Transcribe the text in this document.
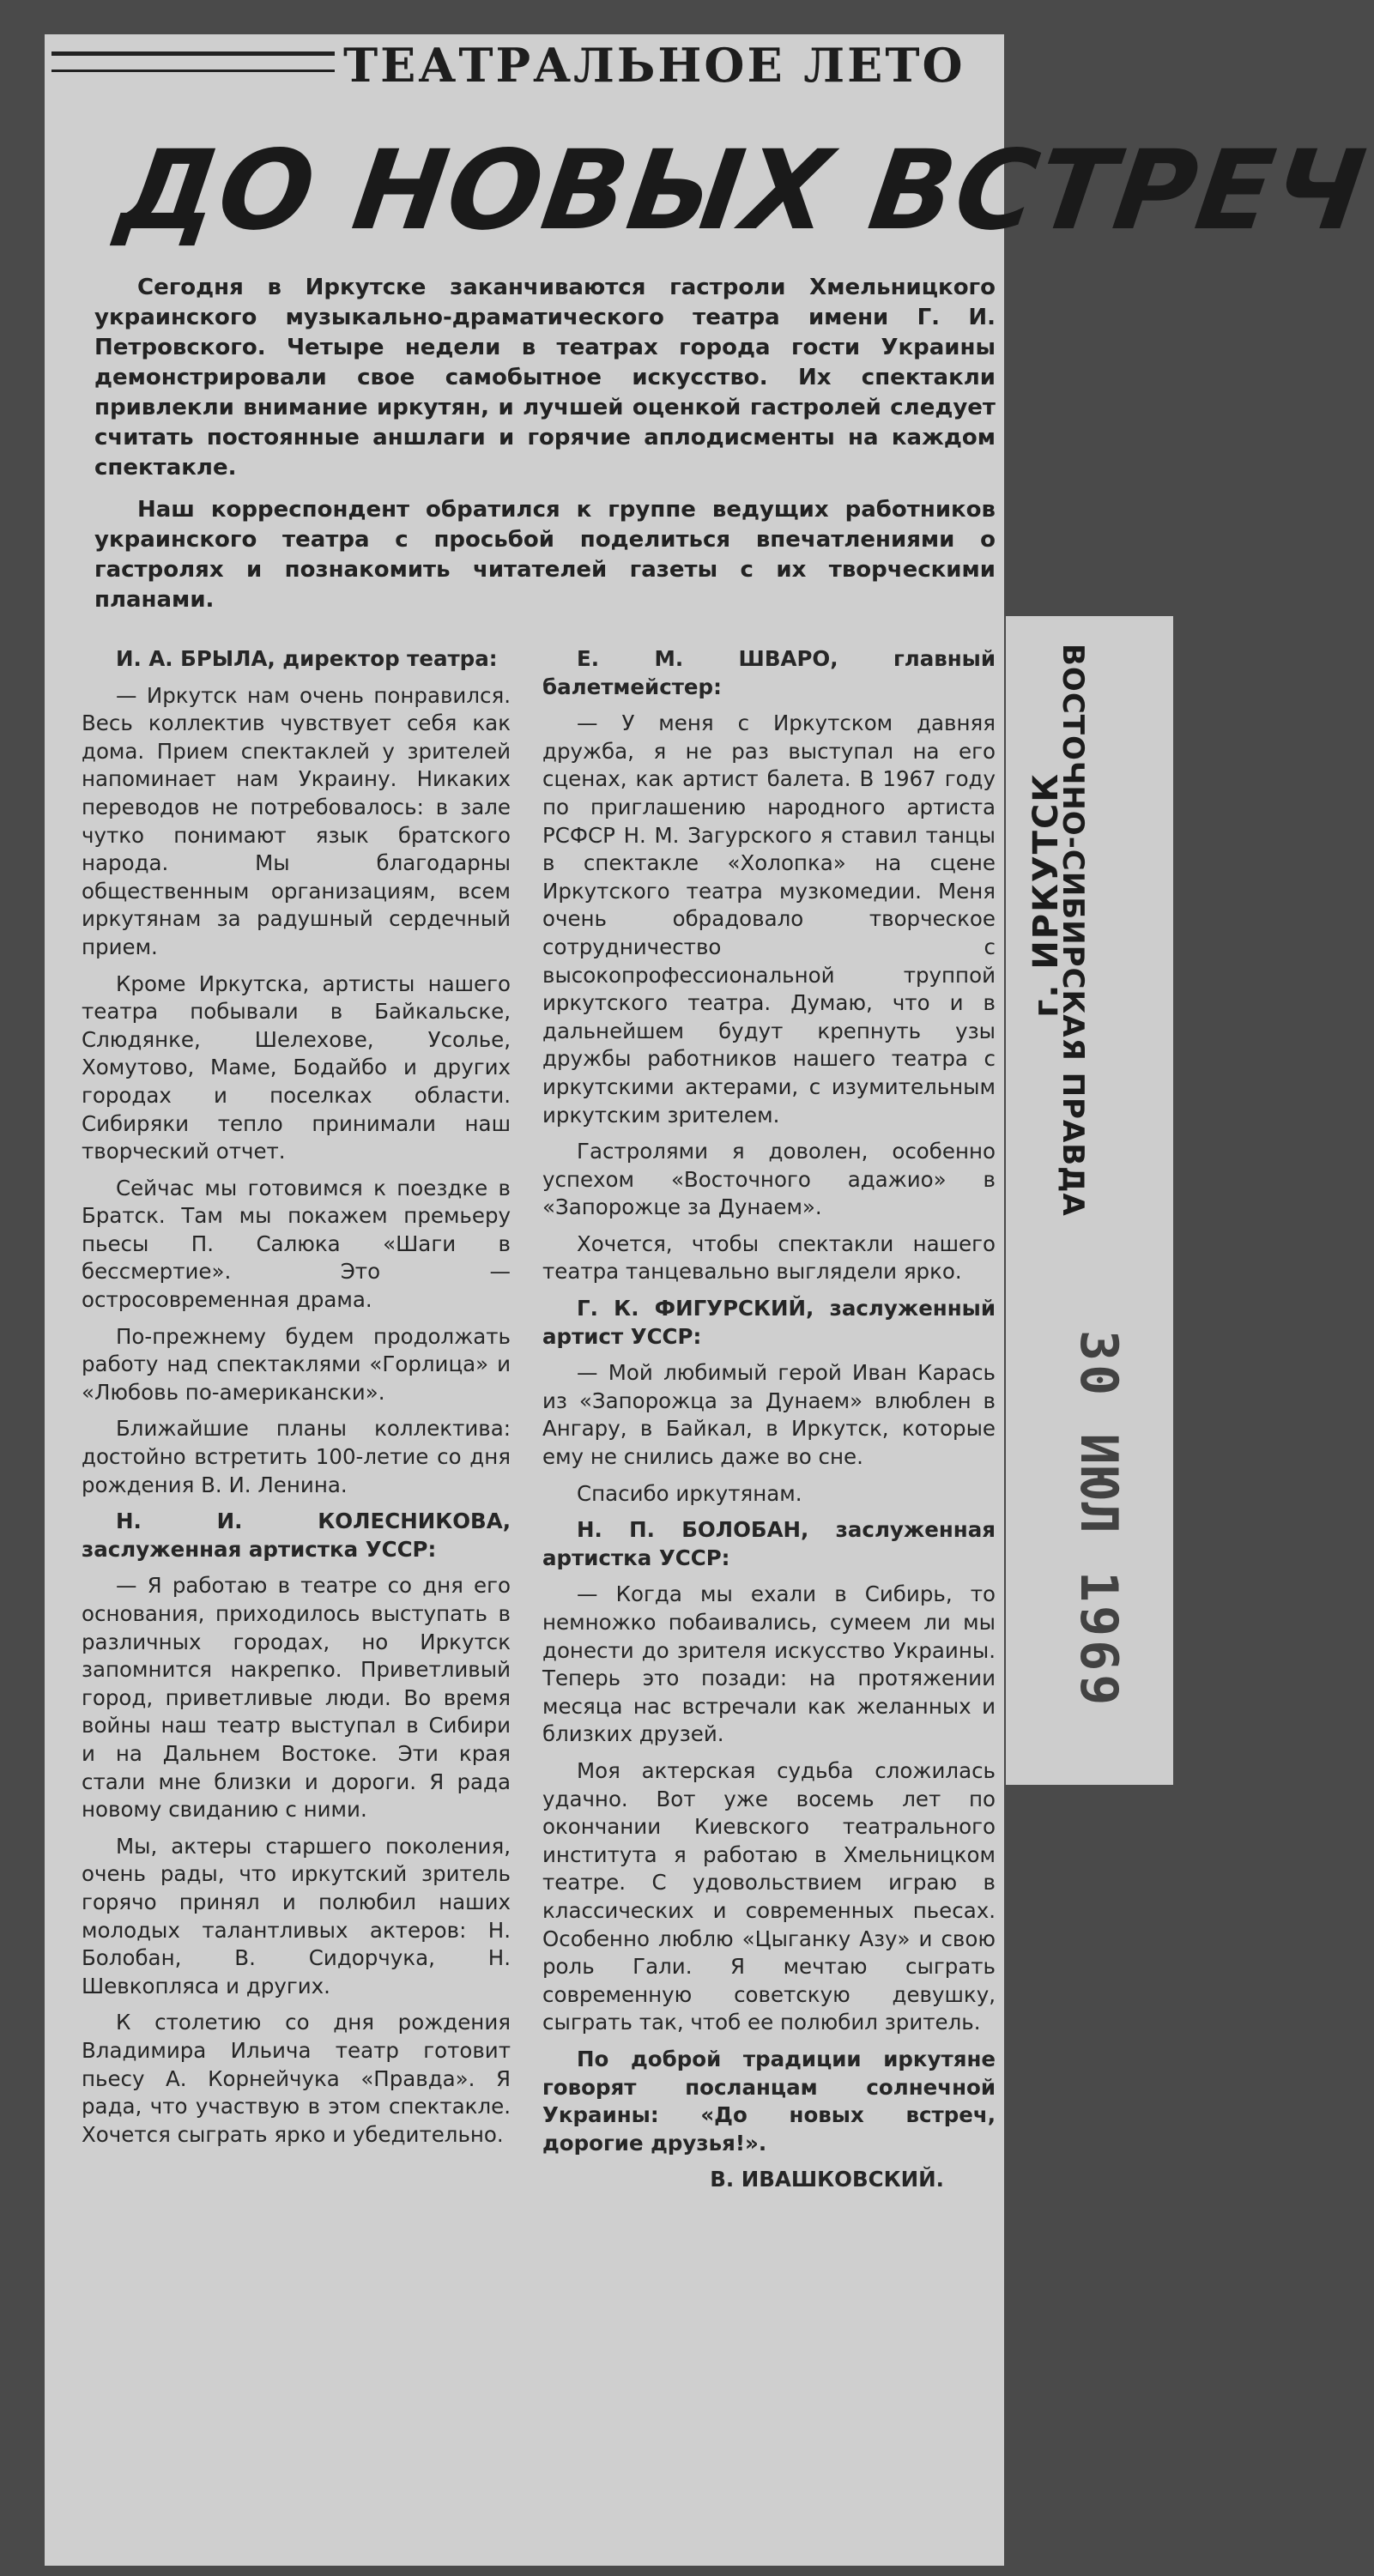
ТЕАТРАЛЬНОЕ ЛЕТО
ДО НОВЫХ ВСТРЕЧ

Сегодня в Иркутске заканчиваются гастроли Хмельницкого украинского музыкально-драматического театра имени Г. И. Петровского. Четыре недели в театрах города гости Украины демонстрировали свое самобытное искусство. Их спектакли привлекли внимание иркутян, и лучшей оценкой гастролей следует считать постоянные аншлаги и горячие аплодисменты на каждом спектакле.

Наш корреспондент обратился к группе ведущих работников украинского театра с просьбой поделиться впечатлениями о гастролях и познакомить читателей газеты с их творческими планами.

И. А. БРЫЛА, директор театра:

— Иркутск нам очень понравился. Весь коллектив чувствует себя как дома. Прием спектаклей у зрителей напоминает нам Украину. Никаких переводов не потребовалось: в зале чутко понимают язык братского народа. Мы благодарны общественным организациям, всем иркутянам за радушный сердечный прием.

Кроме Иркутска, артисты нашего театра побывали в Байкальске, Слюдянке, Шелехове, Усолье, Хомутово, Маме, Бодайбо и других городах и поселках области. Сибиряки тепло принимали наш творческий отчет.

Сейчас мы готовимся к поездке в Братск. Там мы покажем премьеру пьесы П. Салюка «Шаги в бессмертие». Это — остросовременная драма.

По-прежнему будем продолжать работу над спектаклями «Горлица» и «Любовь по-американски».

Ближайшие планы коллектива: достойно встретить 100-летие со дня рождения В. И. Ленина.

Н. И. КОЛЕСНИКОВА, заслуженная артистка УССР:

— Я работаю в театре со дня его основания, приходилось выступать в различных городах, но Иркутск запомнится накрепко. Приветливый город, приветливые люди. Во время войны наш театр выступал в Сибири и на Дальнем Востоке. Эти края стали мне близки и дороги. Я рада новому свиданию с ними.

Мы, актеры старшего поколения, очень рады, что иркутский зритель горячо принял и полюбил наших молодых талантливых актеров: Н. Болобан, В. Сидорчука, Н. Шевкопляса и других.

К столетию со дня рождения Владимира Ильича театр готовит пьесу А. Корнейчука «Правда». Я рада, что участвую в этом спектакле. Хочется сыграть ярко и убедительно.

Е. М. ШВАРО, главный балетмейстер:

— У меня с Иркутском давняя дружба, я не раз выступал на его сценах, как артист балета. В 1967 году по приглашению народного артиста РСФСР Н. М. Загурского я ставил танцы в спектакле «Холопка» на сцене Иркутского театра музкомедии. Меня очень обрадовало творческое сотрудничество с высокопрофессиональной труппой иркутского театра. Думаю, что и в дальнейшем будут крепнуть узы дружбы работников нашего театра с иркутскими актерами, с изумительным иркутским зрителем.

Гастролями я доволен, особенно успехом «Восточного адажио» в «Запорожце за Дунаем».

Хочется, чтобы спектакли нашего театра танцевально выглядели ярко.

Г. К. ФИГУРСКИЙ, заслуженный артист УССР:

— Мой любимый герой Иван Карась из «Запорожца за Дунаем» влюблен в Ангару, в Байкал, в Иркутск, которые ему не снились даже во сне.

Спасибо иркутянам.

Н. П. БОЛОБАН, заслуженная артистка УССР:

— Когда мы ехали в Сибирь, то немножко побаивались, сумеем ли мы донести до зрителя искусство Украины. Теперь это позади: на протяжении месяца нас встречали как желанных и близких друзей.

Моя актерская судьба сложилась удачно. Вот уже восемь лет по окончании Киевского театрального института я работаю в Хмельницком театре. С удовольствием играю в классических и современных пьесах. Особенно люблю «Цыганку Азу» и свою роль Гали. Я мечтаю сыграть современную советскую девушку, сыграть так, чтоб ее полюбил зритель.

По доброй традиции иркутяне говорят посланцам солнечной Украины: «До новых встреч, дорогие друзья!».

В. ИВАШКОВСКИЙ.

ВОСТОЧНО-СИБИРСКАЯ ПРАВДА
г. ИРКУТСК
30 ИЮЛ 1969
